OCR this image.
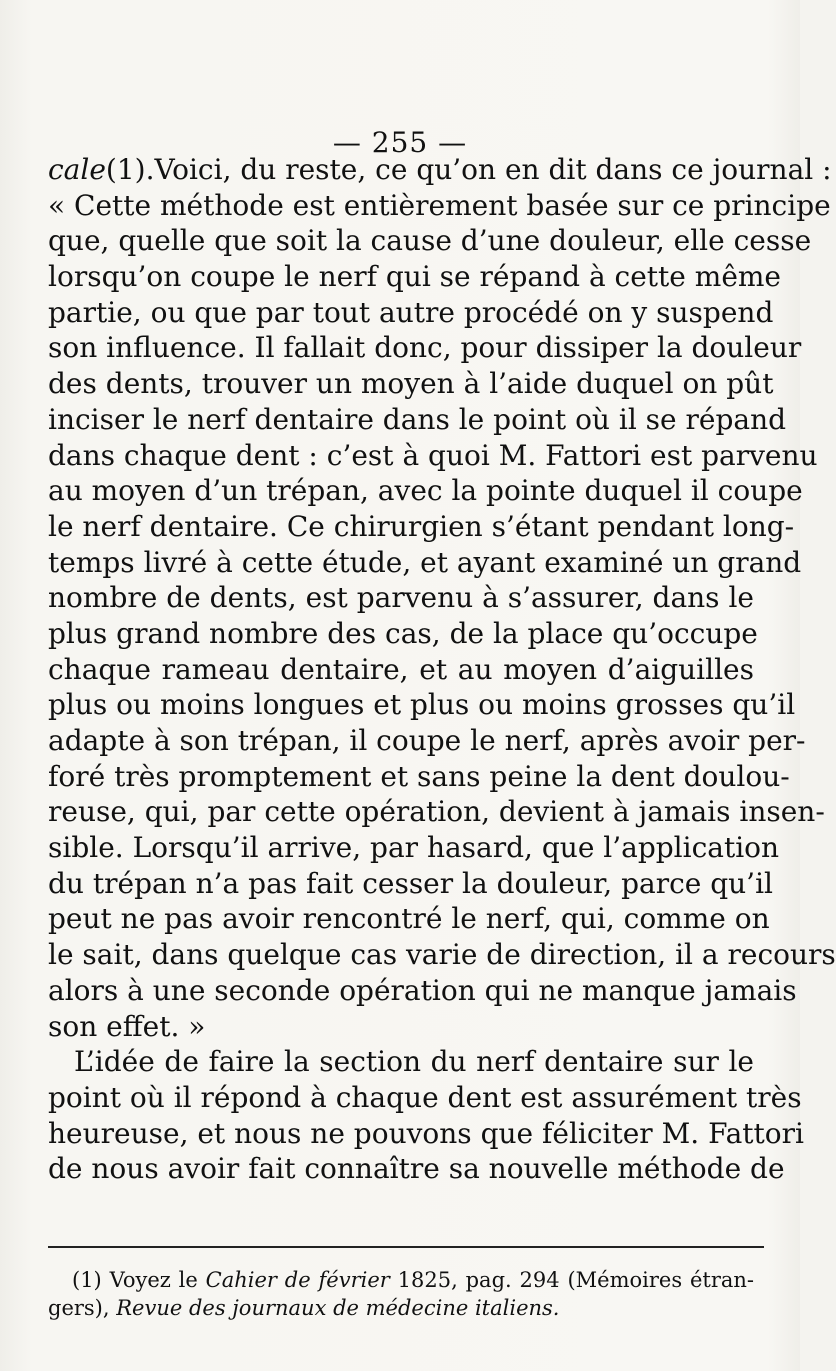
— 255 —
cale(1).Voici, du reste, ce qu’on en dit dans ce journal :
« Cette méthode est entièrement basée sur ce principe
que, quelle que soit la cause d’une douleur, elle cesse
lorsqu’on coupe le nerf qui se répand à cette même
partie, ou que par tout autre procédé on y suspend
son influence. Il fallait donc, pour dissiper la douleur
des dents, trouver un moyen à l’aide duquel on pût
inciser le nerf dentaire dans le point où il se répand
dans chaque dent : c’est à quoi M. Fattori est parvenu
au moyen d’un trépan, avec la pointe duquel il coupe
le nerf dentaire. Ce chirurgien s’étant pendant long-
temps livré à cette étude, et ayant examiné un grand
nombre de dents, est parvenu à s’assurer, dans le
plus grand nombre des cas, de la place qu’occupe
chaque rameau dentaire, et au moyen d’aiguilles
plus ou moins longues et plus ou moins grosses qu’il
adapte à son trépan, il coupe le nerf, après avoir per-
foré très promptement et sans peine la dent doulou-
reuse, qui, par cette opération, devient à jamais insen-
sible. Lorsqu’il arrive, par hasard, que l’application
du trépan n’a pas fait cesser la douleur, parce qu’il
peut ne pas avoir rencontré le nerf, qui, comme on
le sait, dans quelque cas varie de direction, il a recours
alors à une seconde opération qui ne manque jamais
son effet. »
L’idée de faire la section du nerf dentaire sur le
point où il répond à chaque dent est assurément très
heureuse, et nous ne pouvons que féliciter M. Fattori
de nous avoir fait connaître sa nouvelle méthode de
(1) Voyez le Cahier de février 1825, pag. 294 (Mémoires étran-
gers), Revue des journaux de médecine italiens.
